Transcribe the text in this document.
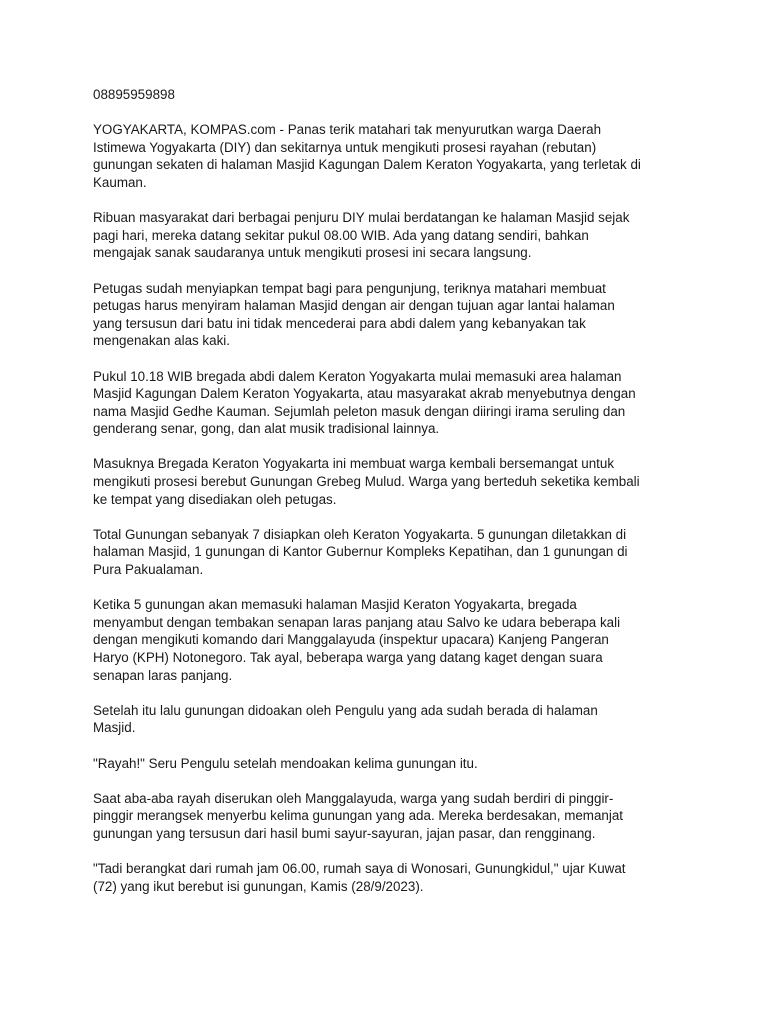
08895959898

YOGYAKARTA, KOMPAS.com - Panas terik matahari tak menyurutkan warga Daerah
Istimewa Yogyakarta (DIY) dan sekitarnya untuk mengikuti prosesi rayahan (rebutan)
gunungan sekaten di halaman Masjid Kagungan Dalem Keraton Yogyakarta, yang terletak di
Kauman.

Ribuan masyarakat dari berbagai penjuru DIY mulai berdatangan ke halaman Masjid sejak
pagi hari, mereka datang sekitar pukul 08.00 WIB. Ada yang datang sendiri, bahkan
mengajak sanak saudaranya untuk mengikuti prosesi ini secara langsung.

Petugas sudah menyiapkan tempat bagi para pengunjung, teriknya matahari membuat
petugas harus menyiram halaman Masjid dengan air dengan tujuan agar lantai halaman
yang tersusun dari batu ini tidak mencederai para abdi dalem yang kebanyakan tak
mengenakan alas kaki.

Pukul 10.18 WIB bregada abdi dalem Keraton Yogyakarta mulai memasuki area halaman
Masjid Kagungan Dalem Keraton Yogyakarta, atau masyarakat akrab menyebutnya dengan
nama Masjid Gedhe Kauman. Sejumlah peleton masuk dengan diiringi irama seruling dan
genderang senar, gong, dan alat musik tradisional lainnya.

Masuknya Bregada Keraton Yogyakarta ini membuat warga kembali bersemangat untuk
mengikuti prosesi berebut Gunungan Grebeg Mulud. Warga yang berteduh seketika kembali
ke tempat yang disediakan oleh petugas.

Total Gunungan sebanyak 7 disiapkan oleh Keraton Yogyakarta. 5 gunungan diletakkan di
halaman Masjid, 1 gunungan di Kantor Gubernur Kompleks Kepatihan, dan 1 gunungan di
Pura Pakualaman.

Ketika 5 gunungan akan memasuki halaman Masjid Keraton Yogyakarta, bregada
menyambut dengan tembakan senapan laras panjang atau Salvo ke udara beberapa kali
dengan mengikuti komando dari Manggalayuda (inspektur upacara) Kanjeng Pangeran
Haryo (KPH) Notonegoro. Tak ayal, beberapa warga yang datang kaget dengan suara
senapan laras panjang.

Setelah itu lalu gunungan didoakan oleh Pengulu yang ada sudah berada di halaman
Masjid.

"Rayah!" Seru Pengulu setelah mendoakan kelima gunungan itu.

Saat aba-aba rayah diserukan oleh Manggalayuda, warga yang sudah berdiri di pinggir-
pinggir merangsek menyerbu kelima gunungan yang ada. Mereka berdesakan, memanjat
gunungan yang tersusun dari hasil bumi sayur-sayuran, jajan pasar, dan rengginang.

"Tadi berangkat dari rumah jam 06.00, rumah saya di Wonosari, Gunungkidul," ujar Kuwat
(72) yang ikut berebut isi gunungan, Kamis (28/9/2023).
